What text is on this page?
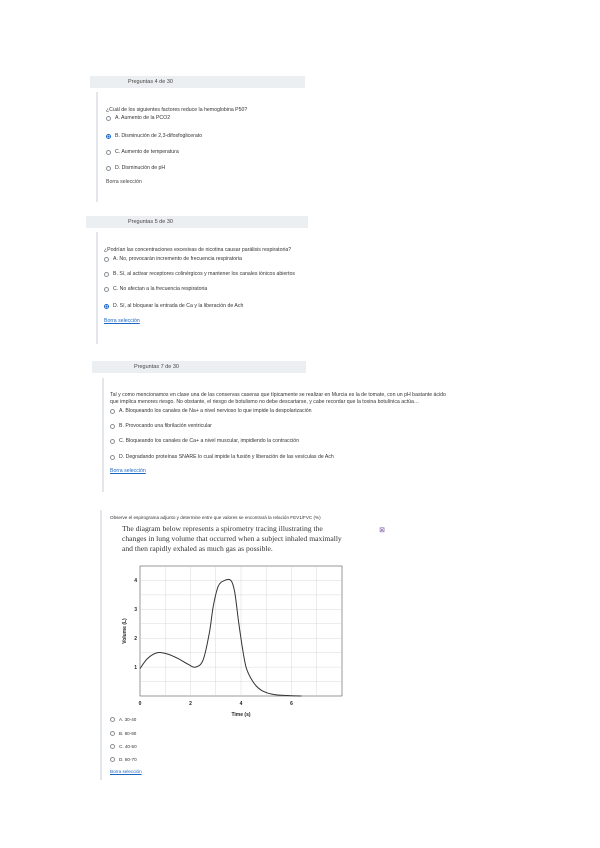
Preguntas 4 de 30
¿Cuál de los siguientes factores reduce la hemoglobina P50?
A. Aumento de la PCO2
B. Disminución de 2,3-difosfoglicerato
C. Aumento de temperatura
D. Disminución de pH
Borra selección
Preguntas 5 de 30
¿Podrían las concentraciones excesivas de nicotina causar parálisis respiratoria?
A. No, provocarán incremento de frecuencia respiratoria
B. Sí, al activar receptores colinérgicos y mantener los canales iónicos abiertos
C. No afectan a la frecuencia respiratoria
D. Sí, al bloquear la entrada de Ca y la liberación de Ach
Borra selección
Preguntas 7 de 30
Tal y como mencionamos en clase una de las conservas caseras que típicamente se realizar en Murcia es la de tomate, con un pH bastante ácido
que implica menores riesgo. No obstante, el riesgo de botulismo no debe descartarse, y cabe recordar que la toxina botulínica actúa…
A. Bloqueando los canales de Na+ a nivel nervioso lo que impide la despolarización
B. Provocando una fibrilación ventricular
C. Bloqueando los canales de Ca+ a nivel muscular, impidiendo la contracción
D. Degradando proteínas SNARE lo cual impide la fusión y liberación de las vesículas de Ach
Borra selección
Observe el espirograma adjunto y determine entre que valores se encontrará la relación FEV1/FVC (%)
⊠
The diagram below represents a spirometry tracing illustrating the
changes in lung volume that occurred when a subject inhaled maximally
and then rapidly exhaled as much gas as possible.
0	2	4	6
1
2
3
4
Time (s)
Volume (L)
A. 30-40
B. 80-90
C. 40-50
D. 60-70
Borra selección
